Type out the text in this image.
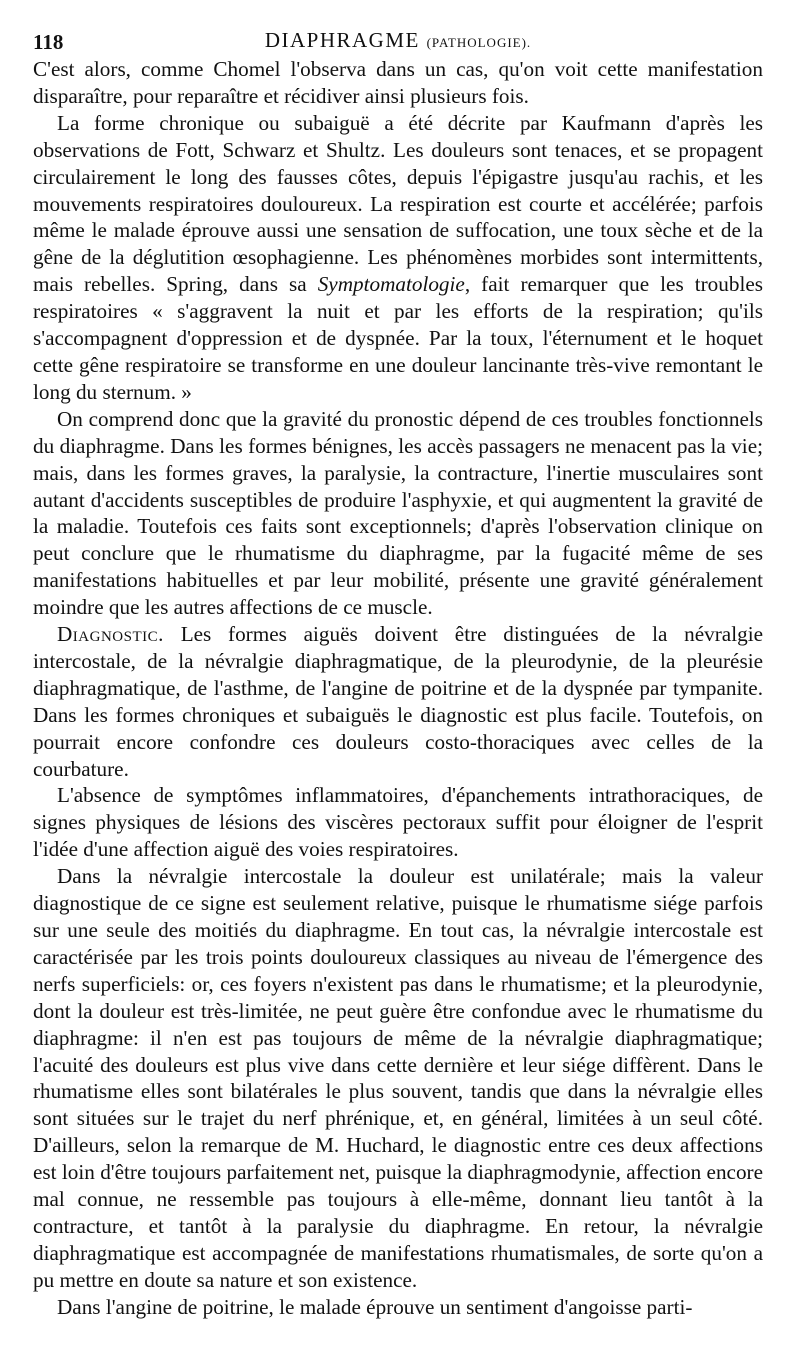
118	DIAPHRAGME (PATHOLOGIE).

C'est alors, comme Chomel l'observa dans un cas, qu'on voit cette manifestation disparaître, pour reparaître et récidiver ainsi plusieurs fois.

La forme chronique ou subaiguë a été décrite par Kaufmann d'après les observations de Fott, Schwarz et Shultz. Les douleurs sont tenaces, et se propagent circulairement le long des fausses côtes, depuis l'épigastre jusqu'au rachis, et les mouvements respiratoires douloureux. La respiration est courte et accélérée; parfois même le malade éprouve aussi une sensation de suffocation, une toux sèche et de la gêne de la déglutition œsophagienne. Les phénomènes morbides sont intermittents, mais rebelles. Spring, dans sa Symptomatologie, fait remarquer que les troubles respiratoires « s'aggravent la nuit et par les efforts de la respiration; qu'ils s'accompagnent d'oppression et de dyspnée. Par la toux, l'éternument et le hoquet cette gêne respiratoire se transforme en une douleur lancinante très-vive remontant le long du sternum. »

On comprend donc que la gravité du pronostic dépend de ces troubles fonctionnels du diaphragme. Dans les formes bénignes, les accès passagers ne menacent pas la vie; mais, dans les formes graves, la paralysie, la contracture, l'inertie musculaires sont autant d'accidents susceptibles de produire l'asphyxie, et qui augmentent la gravité de la maladie. Toutefois ces faits sont exceptionnels; d'après l'observation clinique on peut conclure que le rhumatisme du diaphragme, par la fugacité même de ses manifestations habituelles et par leur mobilité, présente une gravité généralement moindre que les autres affections de ce muscle.

Diagnostic. Les formes aiguës doivent être distinguées de la névralgie intercostale, de la névralgie diaphragmatique, de la pleurodynie, de la pleurésie diaphragmatique, de l'asthme, de l'angine de poitrine et de la dyspnée par tympanite. Dans les formes chroniques et subaiguës le diagnostic est plus facile. Toutefois, on pourrait encore confondre ces douleurs costo-thoraciques avec celles de la courbature.

L'absence de symptômes inflammatoires, d'épanchements intrathoraciques, de signes physiques de lésions des viscères pectoraux suffit pour éloigner de l'esprit l'idée d'une affection aiguë des voies respiratoires.

Dans la névralgie intercostale la douleur est unilatérale; mais la valeur diagnostique de ce signe est seulement relative, puisque le rhumatisme siége parfois sur une seule des moitiés du diaphragme. En tout cas, la névralgie intercostale est caractérisée par les trois points douloureux classiques au niveau de l'émergence des nerfs superficiels: or, ces foyers n'existent pas dans le rhumatisme; et la pleurodynie, dont la douleur est très-limitée, ne peut guère être confondue avec le rhumatisme du diaphragme: il n'en est pas toujours de même de la névralgie diaphragmatique; l'acuité des douleurs est plus vive dans cette dernière et leur siége diffèrent. Dans le rhumatisme elles sont bilatérales le plus souvent, tandis que dans la névralgie elles sont situées sur le trajet du nerf phrénique, et, en général, limitées à un seul côté. D'ailleurs, selon la remarque de M. Huchard, le diagnostic entre ces deux affections est loin d'être toujours parfaitement net, puisque la diaphragmodynie, affection encore mal connue, ne ressemble pas toujours à elle-même, donnant lieu tantôt à la contracture, et tantôt à la paralysie du diaphragme. En retour, la névralgie diaphragmatique est accompagnée de manifestations rhumatismales, de sorte qu'on a pu mettre en doute sa nature et son existence.

Dans l'angine de poitrine, le malade éprouve un sentiment d'angoisse parti-
